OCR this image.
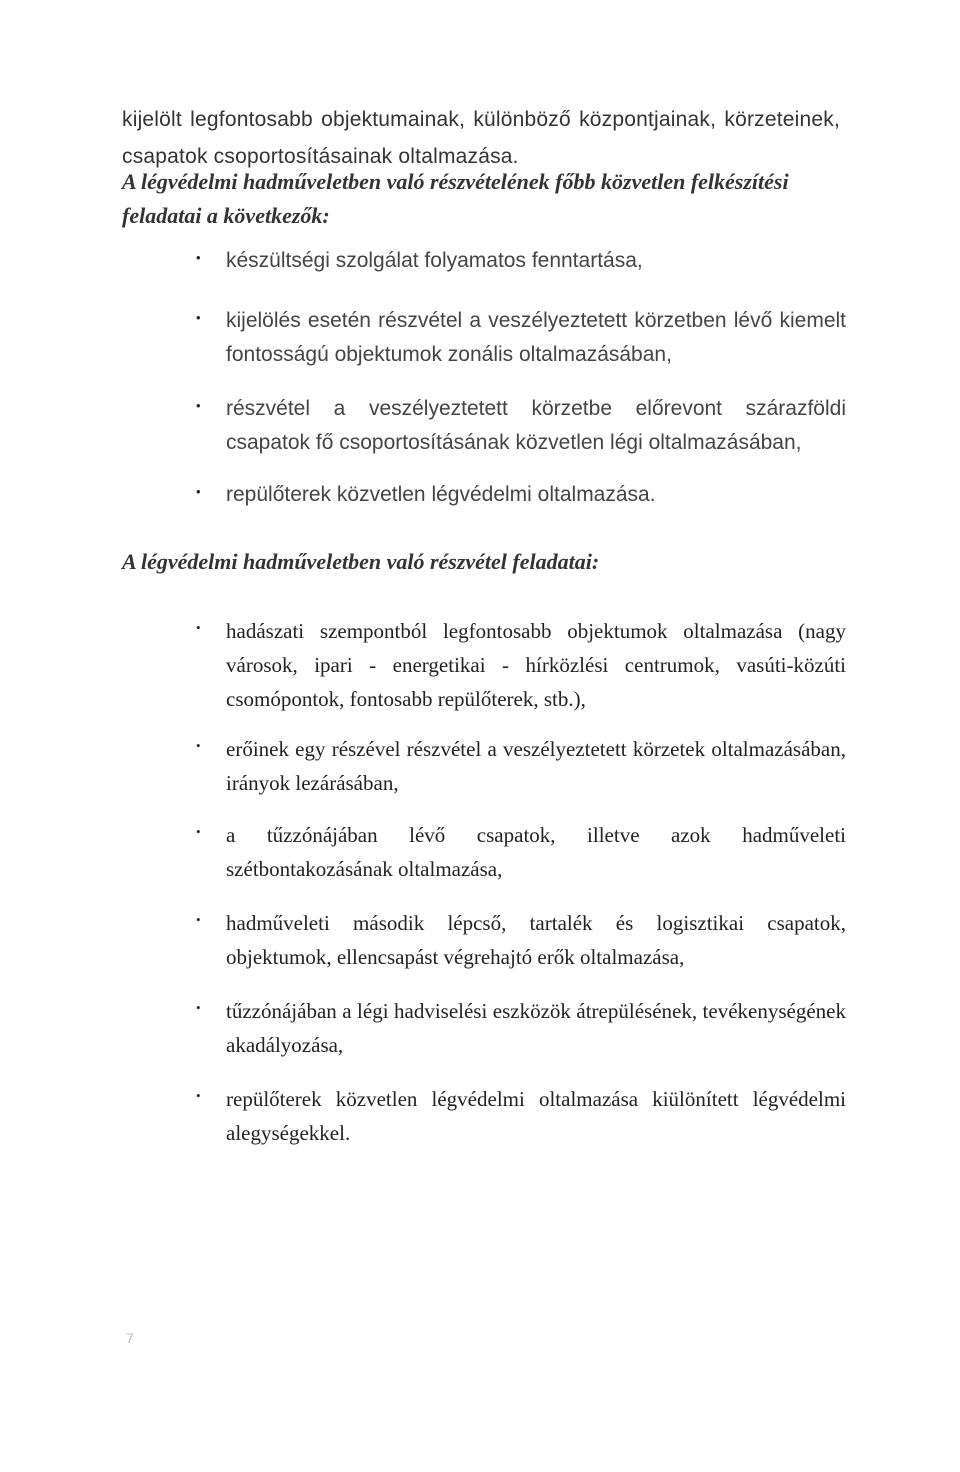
kijelölt legfontosabb objektumainak, különböző központjainak, körzeteinek, csapatok csoportosításainak oltalmazása.

A légvédelmi hadműveletben való részvételének főbb közvetlen felkészítési feladatai a következők:
•	készültségi szolgálat folyamatos fenntartása,
•	kijelölés esetén részvétel a veszélyeztetett körzetben lévő kiemelt fontosságú objektumok zonális oltalmazásában,
•	részvétel a veszélyeztetett körzetbe előrevont szárazföldi csapatok fő csoportosításának közvetlen légi oltalmazásában,
•	repülőterek közvetlen légvédelmi oltalmazása.
A légvédelmi hadműveletben való részvétel feladatai:
•	hadászati szempontból legfontosabb objektumok oltalmazása (nagy városok, ipari - energetikai - hírközlési centrumok, vasúti-közúti csomópontok, fontosabb repülőterek, stb.),
•	erőinek egy részével részvétel a veszélyeztetett körzetek oltalmazásában, irányok lezárásában,
•	a tűzzónájában lévő csapatok, illetve azok hadműveleti szétbontakozásának oltalmazása,
•	hadműveleti második lépcső, tartalék és logisztikai csapatok, objektumok, ellencsapást végrehajtó erők oltalmazása,
•	tűzzónájában a légi hadviselési eszközök átrepülésének, tevékenységének akadályozása,
•	repülőterek közvetlen légvédelmi oltalmazása kiülönített légvédelmi alegységekkel.
7
